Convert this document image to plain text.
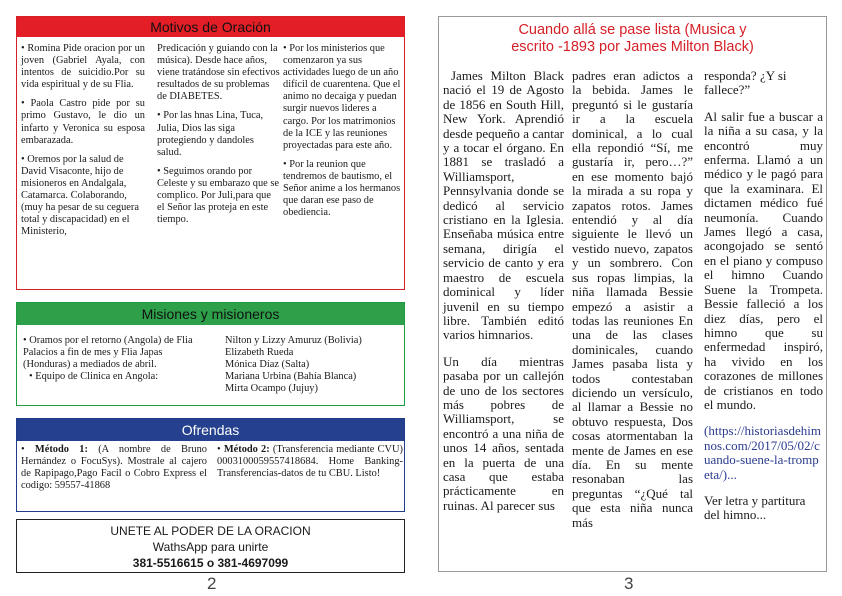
Motivos de Oración

• Romina Pide oracion por un joven (Gabriel Ayala, con intentos de suicidio.Por su vida espiritual y de su Flia.

• Paola Castro pide por su primo Gustavo, le dio un infarto y Veronica su esposa embarazada.

• Oremos por la salud de David Visaconte, hijo de misioneros en Andalgala, Catamarca. Colaborando,(muy ha pesar de su ceguera total y discapacidad) en el Ministerio,

Predicación y guiando con la música). Desde hace años, viene tratándose sin efectivos resultados de su problemas de DIABETES.

• Por las hnas Lina, Tuca, Julia, Dios las siga protegiendo y dandoles salud.

• Seguimos orando por Celeste y su embarazo que se complico. Por Juli,para que el Señor las proteja en este tiempo.

• Por los ministerios que comenzaron ya sus actividades luego de un año difícil de cuarentena. Que el animo no decaiga y puedan surgir nuevos lideres a cargo. Por los matrimonios de la ICE y las reuniones proyectadas para este año.

• Por la reunion que tendremos de bautismo, el Señor anime a los hermanos que daran ese paso de obediencia.

Misiones y misioneros
• Oramos por el retorno (Angola) de Flia Palacios a fin de mes y Flia Japas (Honduras) a mediados de abril.
• Equipo de Clinica en Angola:
Nilton y Lizzy Amuruz (Bolivia)
Elizabeth Rueda
Mónica Díaz (Salta)
Mariana Urbina (Bahía Blanca)
Mirta Ocampo (Jujuy)
Ofrendas
• Método 1: (A nombre de Bruno Hernández o FocuSys). Mostrale al cajero de Rapipago,Pago Facil o Cobro Express el codigo: 59557-41868
• Método 2: (Transferencia mediante CVU) 0003100059557418684. Home Banking- Transferencias-datos de tu CBU. Listo!
UNETE AL PODER DE LA ORACION
WathsApp para unirte
381-5516615 o 381-4697099
2
Cuando allá se pase lista (Musica y escrito -1893 por James Milton Black)

James Milton Black nació el 19 de Agosto de 1856 en South Hill, New York. Aprendió desde pequeño a cantar y a tocar el órgano. En 1881 se trasladó a Williamsport, Pennsylvania donde se dedicó al servicio cristiano en la Iglesia. Enseñaba música entre semana, dirigía el servicio de canto y era maestro de escuela dominical y líder juvenil en su tiempo libre. También editó varios himnarios.

Un día mientras pasaba por un callejón de uno de los sectores más pobres de Williamsport, se encontró a una niña de unos 14 años, sentada en la puerta de una casa que estaba prácticamente en ruinas. Al parecer sus

padres eran adictos a la bebida. James le preguntó si le gustaría ir a la escuela dominical, a lo cual ella repondió “Sí, me gustaría ir, pero…?” en ese momento bajó la mirada a su ropa y zapatos rotos. James entendió y al día siguiente le llevó un vestido nuevo, zapatos y un sombrero. Con sus ropas limpias, la niña llamada Bessie empezó a asistir a todas las reuniones En una de las clases dominicales, cuando James pasaba lista y todos contestaban diciendo un versículo, al llamar a Bessie no obtuvo respuesta, Dos cosas atormentaban la mente de James en ese día. En su mente resonaban las preguntas “¿Qué tal que esta niña nunca más

responda? ¿Y si fallece?”

Al salir fue a buscar a la niña a su casa, y la encontró muy enferma. Llamó a un médico y le pagó para que la examinara. El dictamen médico fué neumonía. Cuando James llegó a casa, acongojado se sentó en el piano y compuso el himno Cuando Suene la Trompeta. Bessie falleció a los diez días, pero el himno que su enfermedad inspiró, ha vivido en los corazones de millones de cristianos en todo el mundo.

(https://historiasdehimnos.com/2017/05/02/cuando-suene-la-trompeta/)...

Ver letra y partitura del himno...

3
